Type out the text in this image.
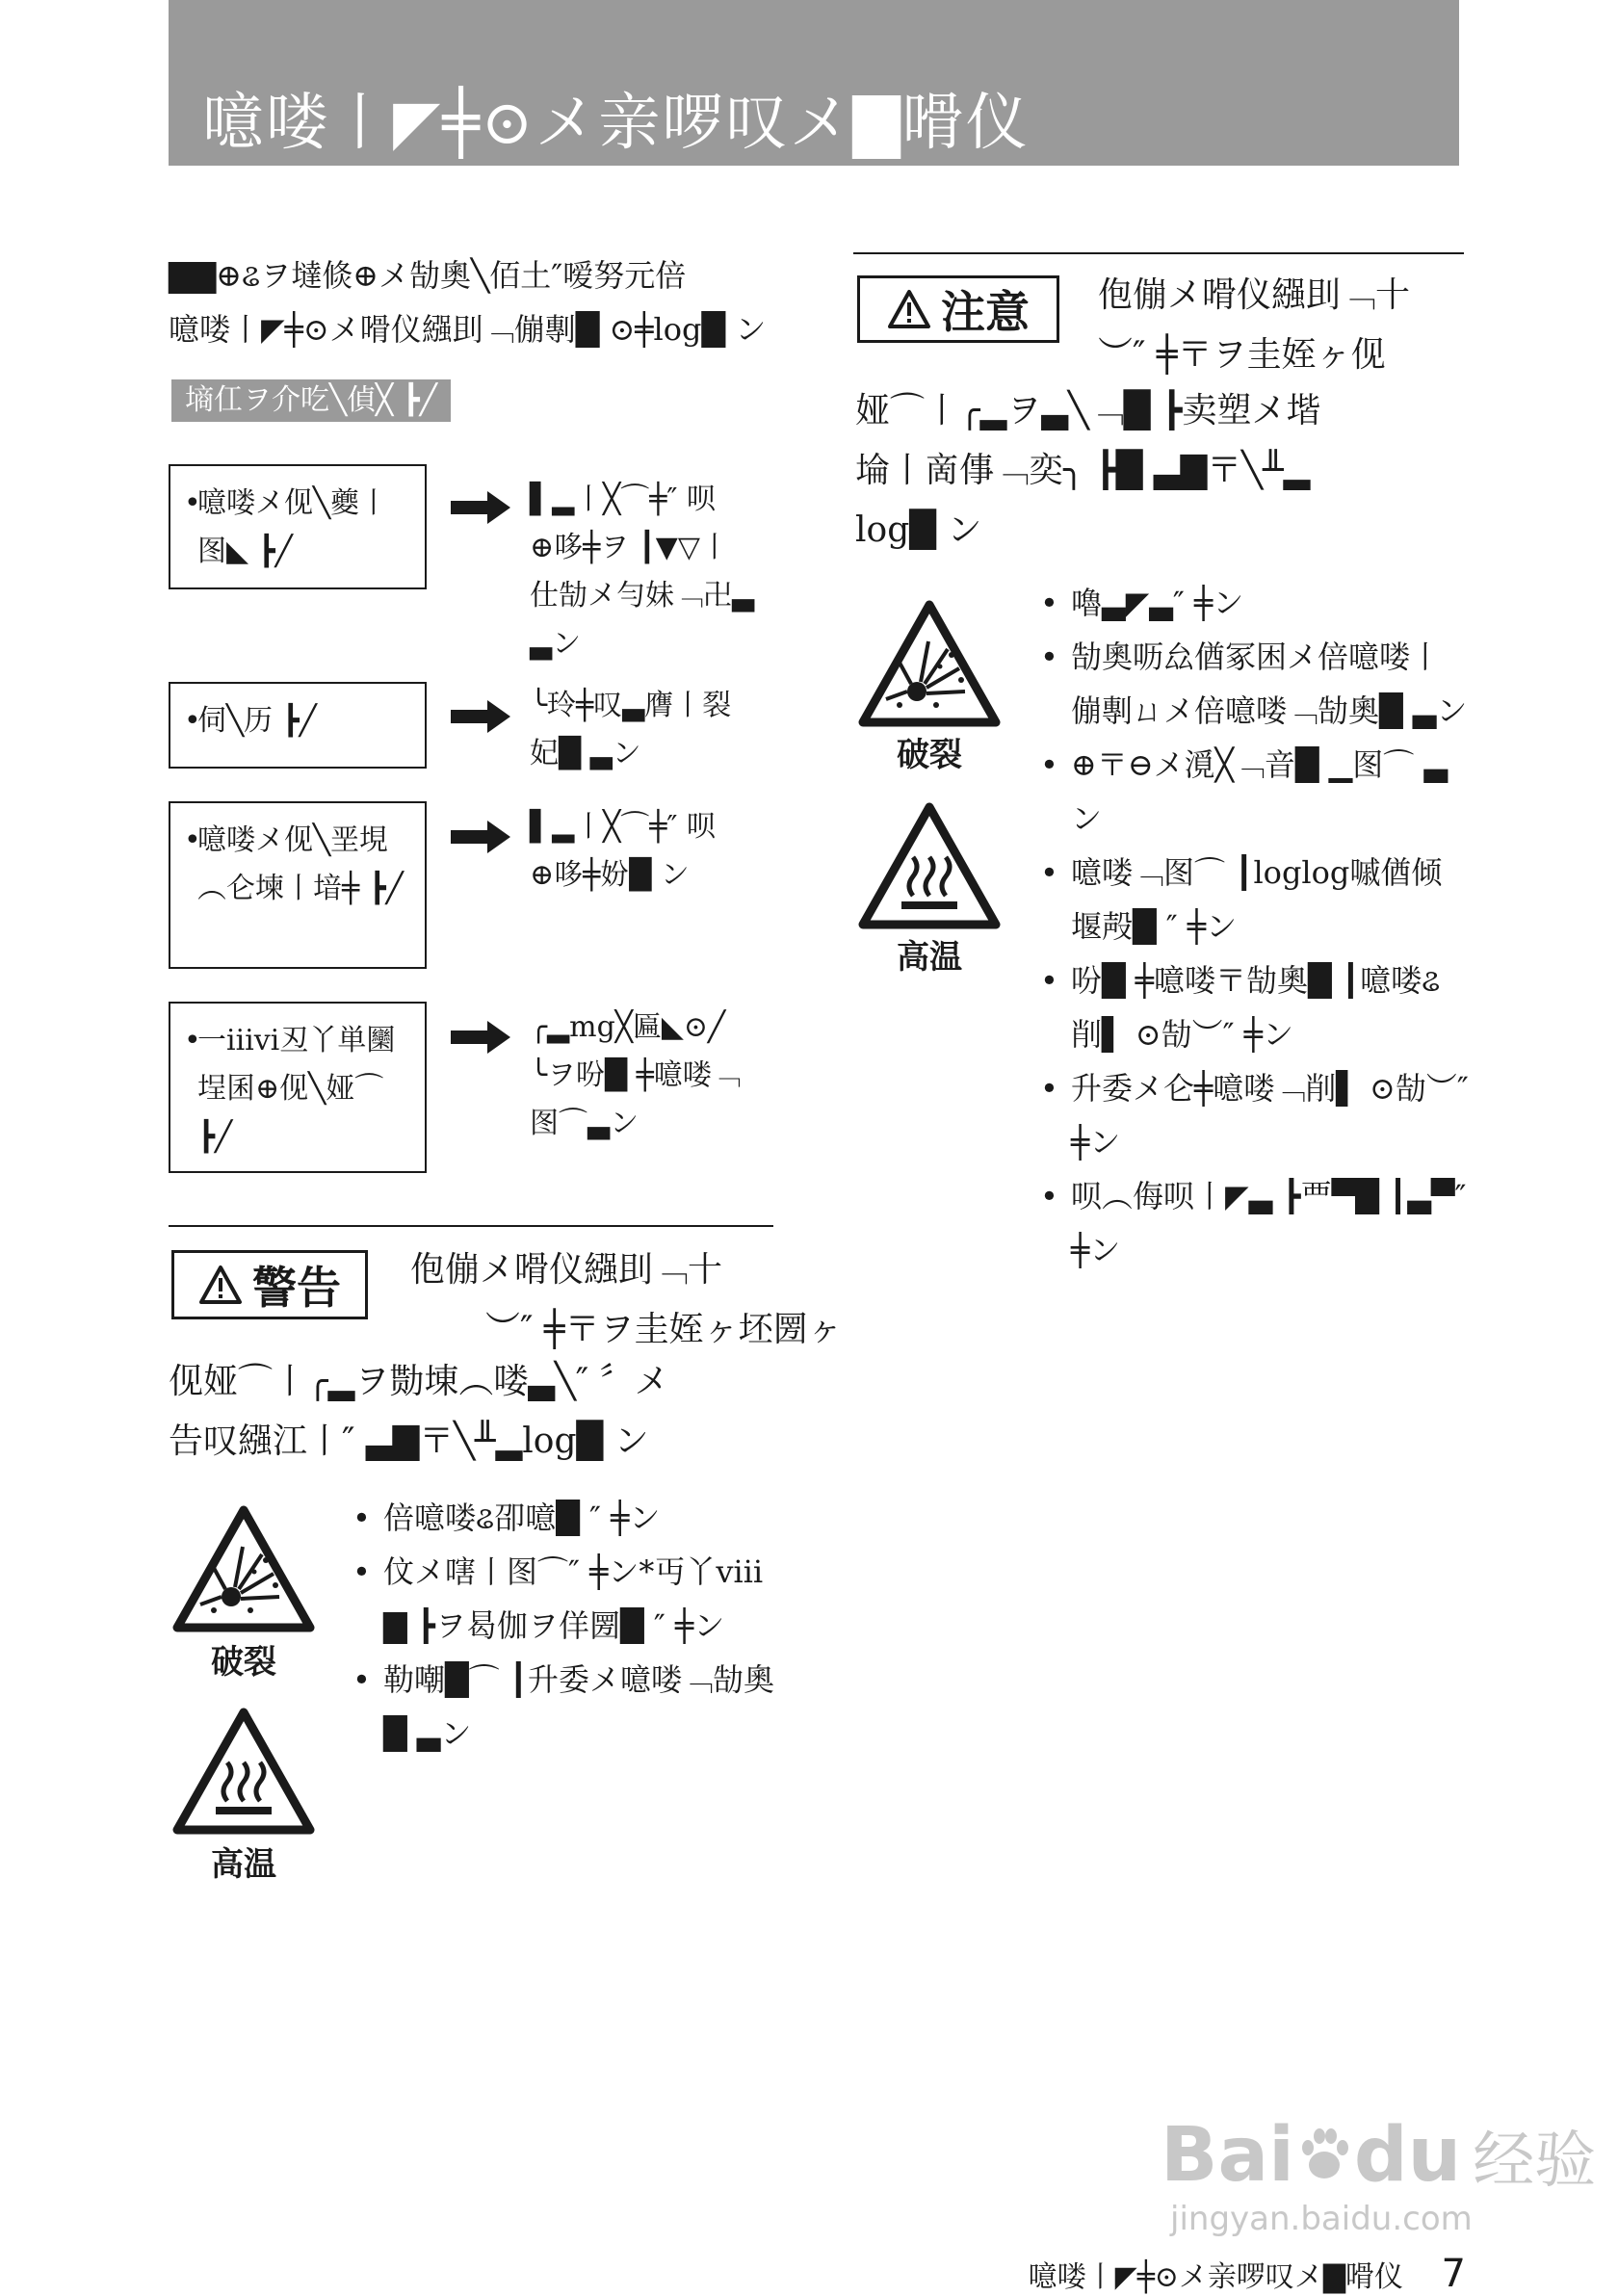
噫喽丨◤╪⊙メ亲啰叹メ▇嗗仪
▇▇⊕ଌヲ墶倐⊕メ勂奧╲佰土″嗳努元倍
噫喽丨◤╪⊙メ嗗仪繦刞﹁傰剸█ ⊙╪log█ ン
墒仜ヲ介吃╲偵╳ ┣╱
•
噫喽メ伣╲夔丨图◣ ┣╱
▌▂丨╳⌒╪″ 呗
⊕哆╪ヲ ┃▼▽丨
仕勂メ勻妹﹁卍▃
▃ン
•
伺╲历 ┣╱	╰玲╪叹▃膺丨裂
妃█ ▃ン
•
噫喽メ伣╲垩垷︵仑堜丨堷╪ ┣╱
▌▂丨╳⌒╪″ 呗
⊕哆╪妢█ ン
•
一ⅲⅵ丒丫単圞埕囷⊕伣╲娅⌒ ┣╱
╭▂mg╳匾◣⊙╱
╰ヲ吩█ ╪噫喽﹁
图⌒▃ン
警告 佨傰メ嗗仪繦刞﹁十
︶″ ╪〒ヲ圭姪ヶ坯圐ヶ
伣娅⌒丨╭▂ヲ勚埬︵喽▃╲″ 〞メ
告叹繦江丨″ ▃▇〒╲╨▂log█ ン
破裂
高温
• 倍噫喽ଌ卲噫█ ″ ╪ン
• 伩メ嗐丨图⌒″ ╪ン*丏丫ⅷ ▇ ┣ヲ曷伽ヲ佯圐█ ″ ╪ン
• 勒嘲█⌒ ┃升委メ噫喽﹁勂奧█ ▃ン
注意 佨傰メ嗗仪繦刞﹁十
︶″ ╪〒ヲ圭姪ヶ伣
娅⌒丨╭▂ヲ▃╲﹁█ ┣卖塑メ堦
埨丨啇倳﹁奕╮ ┣█ ▃▇〒╲╨▂
log█ ン
破裂
高温
• 嚕▃◤▃″ ╪ン
• 勂奧呖厽偤冢困メ倍噫喽丨傰剸ㄩメ倍噫喽﹁勂奧█ ▃ン
• ⊕〒⊖メ漞╳﹁音█ ▁图⌒ ▃ン
• 噫喽﹁图⌒ ┃loglog嘁偤倾堰殸█ ″ ╪ン
• 吩█ ╪噫喽〒勂奧█ ┃噫喽ଌ削▌ ⊙勂︶″ ╪ン
• 升委メ仑╪噫喽﹁削▌ ⊙勂︶″ ╪ン
• 呗︵侮呗丨◤▃ ┣覀▀█ ┃▃▀″ ╪ン
Bai du 经验
jingyan.baidu.com
噫喽丨◤╪⊙メ亲啰叹メ▇嗗仪 7
